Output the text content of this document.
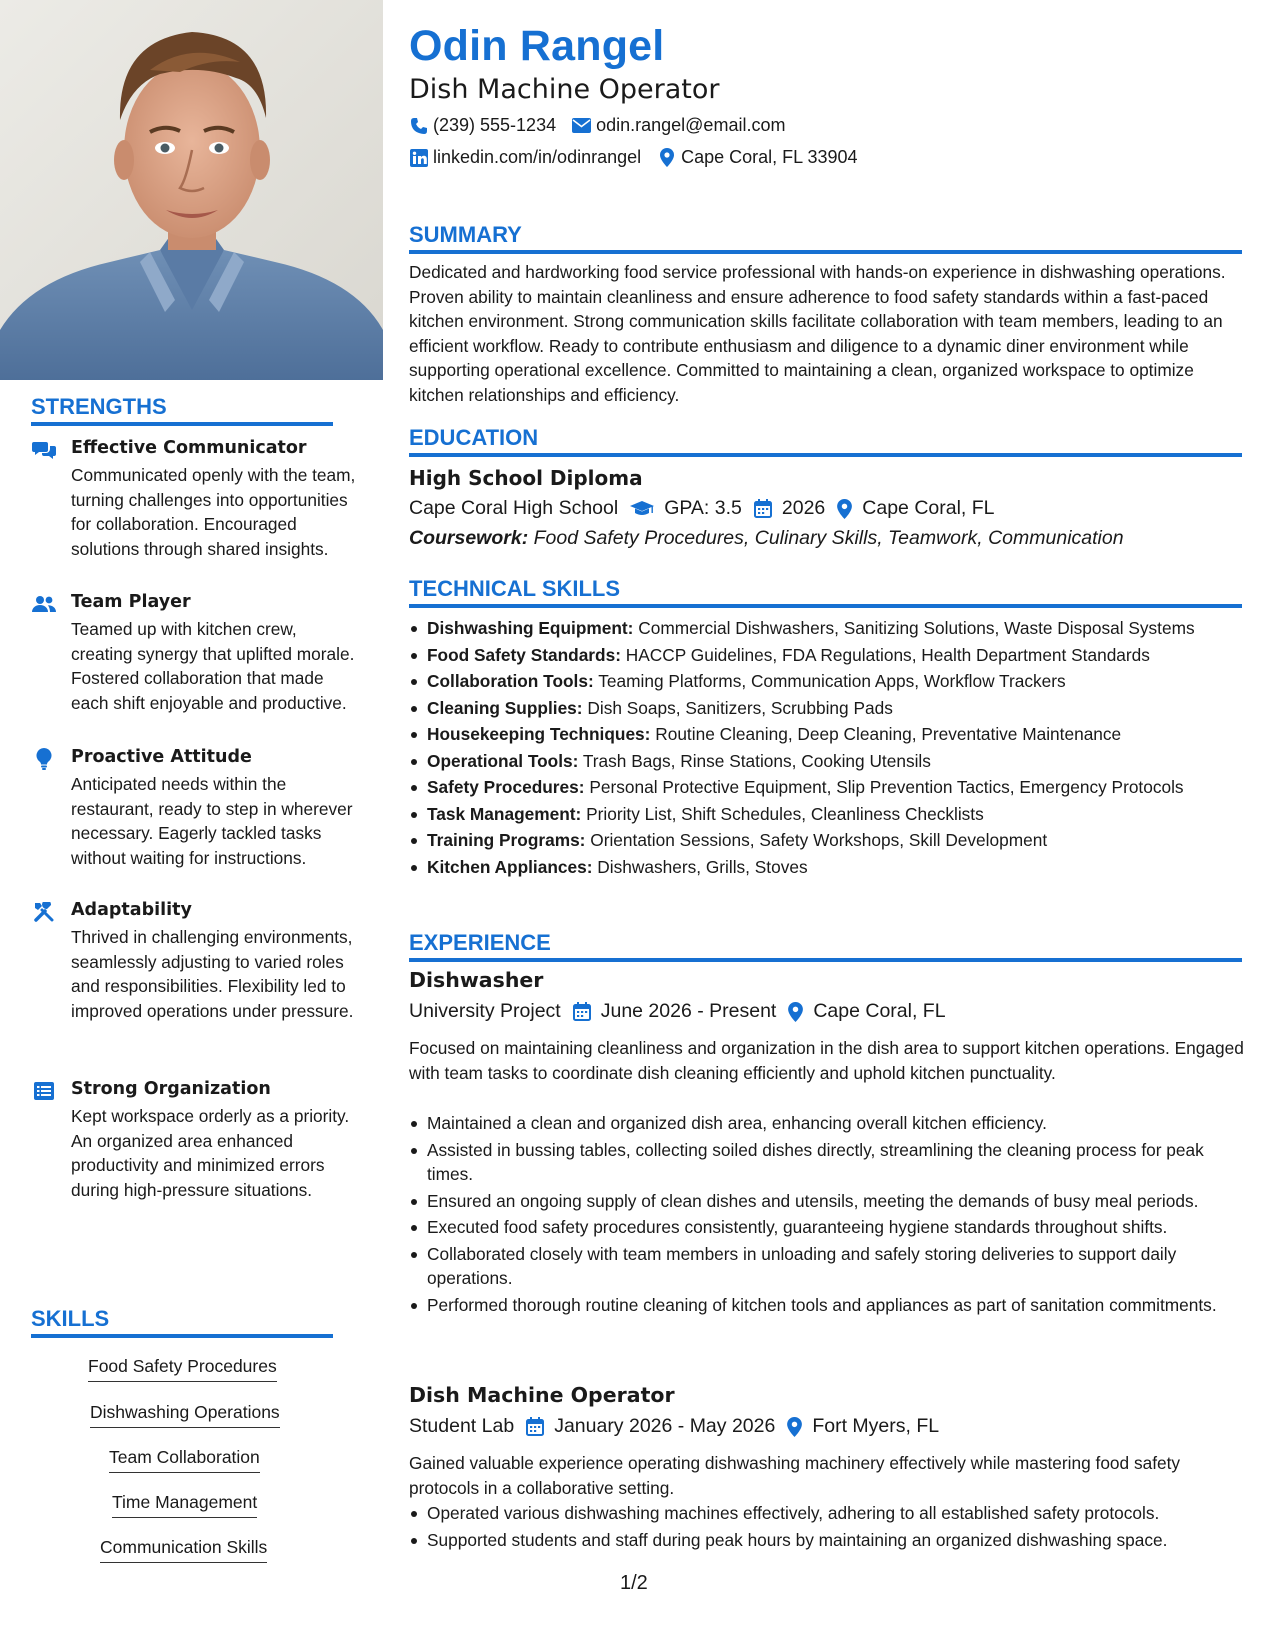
STRENGTHS
Effective Communicator
Communicated openly with the team, turning challenges into opportunities for collaboration. Encouraged solutions through shared insights.
Team Player
Teamed up with kitchen crew, creating synergy that uplifted morale. Fostered collaboration that made each shift enjoyable and productive.
Proactive Attitude
Anticipated needs within the restaurant, ready to step in wherever necessary. Eagerly tackled tasks without waiting for instructions.
Adaptability
Thrived in challenging environments, seamlessly adjusting to varied roles and responsibilities. Flexibility led to improved operations under pressure.
Strong Organization
Kept workspace orderly as a priority. An organized area enhanced productivity and minimized errors during high-pressure situations.
SKILLS
Food Safety Procedures
Dishwashing Operations
Team Collaboration
Time Management
Communication Skills
Odin Rangel
Dish Machine Operator
(239) 555-1234 odin.rangel@email.com
linkedin.com/in/odinrangel Cape Coral, FL 33904
SUMMARY
Dedicated and hardworking food service professional with hands-on experience in dishwashing operations. Proven ability to maintain cleanliness and ensure adherence to food safety standards within a fast-paced kitchen environment. Strong communication skills facilitate collaboration with team members, leading to an efficient workflow. Ready to contribute enthusiasm and diligence to a dynamic diner environment while supporting operational excellence. Committed to maintaining a clean, organized workspace to optimize kitchen relationships and efficiency.
EDUCATION
High School Diploma
Cape Coral High School GPA: 3.5 2026 Cape Coral, FL
Coursework: Food Safety Procedures, Culinary Skills, Teamwork, Communication
TECHNICAL SKILLS
Dishwashing Equipment: Commercial Dishwashers, Sanitizing Solutions, Waste Disposal Systems
Food Safety Standards: HACCP Guidelines, FDA Regulations, Health Department Standards
Collaboration Tools: Teaming Platforms, Communication Apps, Workflow Trackers
Cleaning Supplies: Dish Soaps, Sanitizers, Scrubbing Pads
Housekeeping Techniques: Routine Cleaning, Deep Cleaning, Preventative Maintenance
Operational Tools: Trash Bags, Rinse Stations, Cooking Utensils
Safety Procedures: Personal Protective Equipment, Slip Prevention Tactics, Emergency Protocols
Task Management: Priority List, Shift Schedules, Cleanliness Checklists
Training Programs: Orientation Sessions, Safety Workshops, Skill Development
Kitchen Appliances: Dishwashers, Grills, Stoves
EXPERIENCE
Dishwasher
University Project June 2026 - Present Cape Coral, FL
Focused on maintaining cleanliness and organization in the dish area to support kitchen operations. Engaged with team tasks to coordinate dish cleaning efficiently and uphold kitchen punctuality.
Maintained a clean and organized dish area, enhancing overall kitchen efficiency.
Assisted in bussing tables, collecting soiled dishes directly, streamlining the cleaning process for peak times.
Ensured an ongoing supply of clean dishes and utensils, meeting the demands of busy meal periods.
Executed food safety procedures consistently, guaranteeing hygiene standards throughout shifts.
Collaborated closely with team members in unloading and safely storing deliveries to support daily operations.
Performed thorough routine cleaning of kitchen tools and appliances as part of sanitation commitments.
Dish Machine Operator
Student Lab January 2026 - May 2026 Fort Myers, FL
Gained valuable experience operating dishwashing machinery effectively while mastering food safety protocols in a collaborative setting.
Operated various dishwashing machines effectively, adhering to all established safety protocols.
Supported students and staff during peak hours by maintaining an organized dishwashing space.
1/2
